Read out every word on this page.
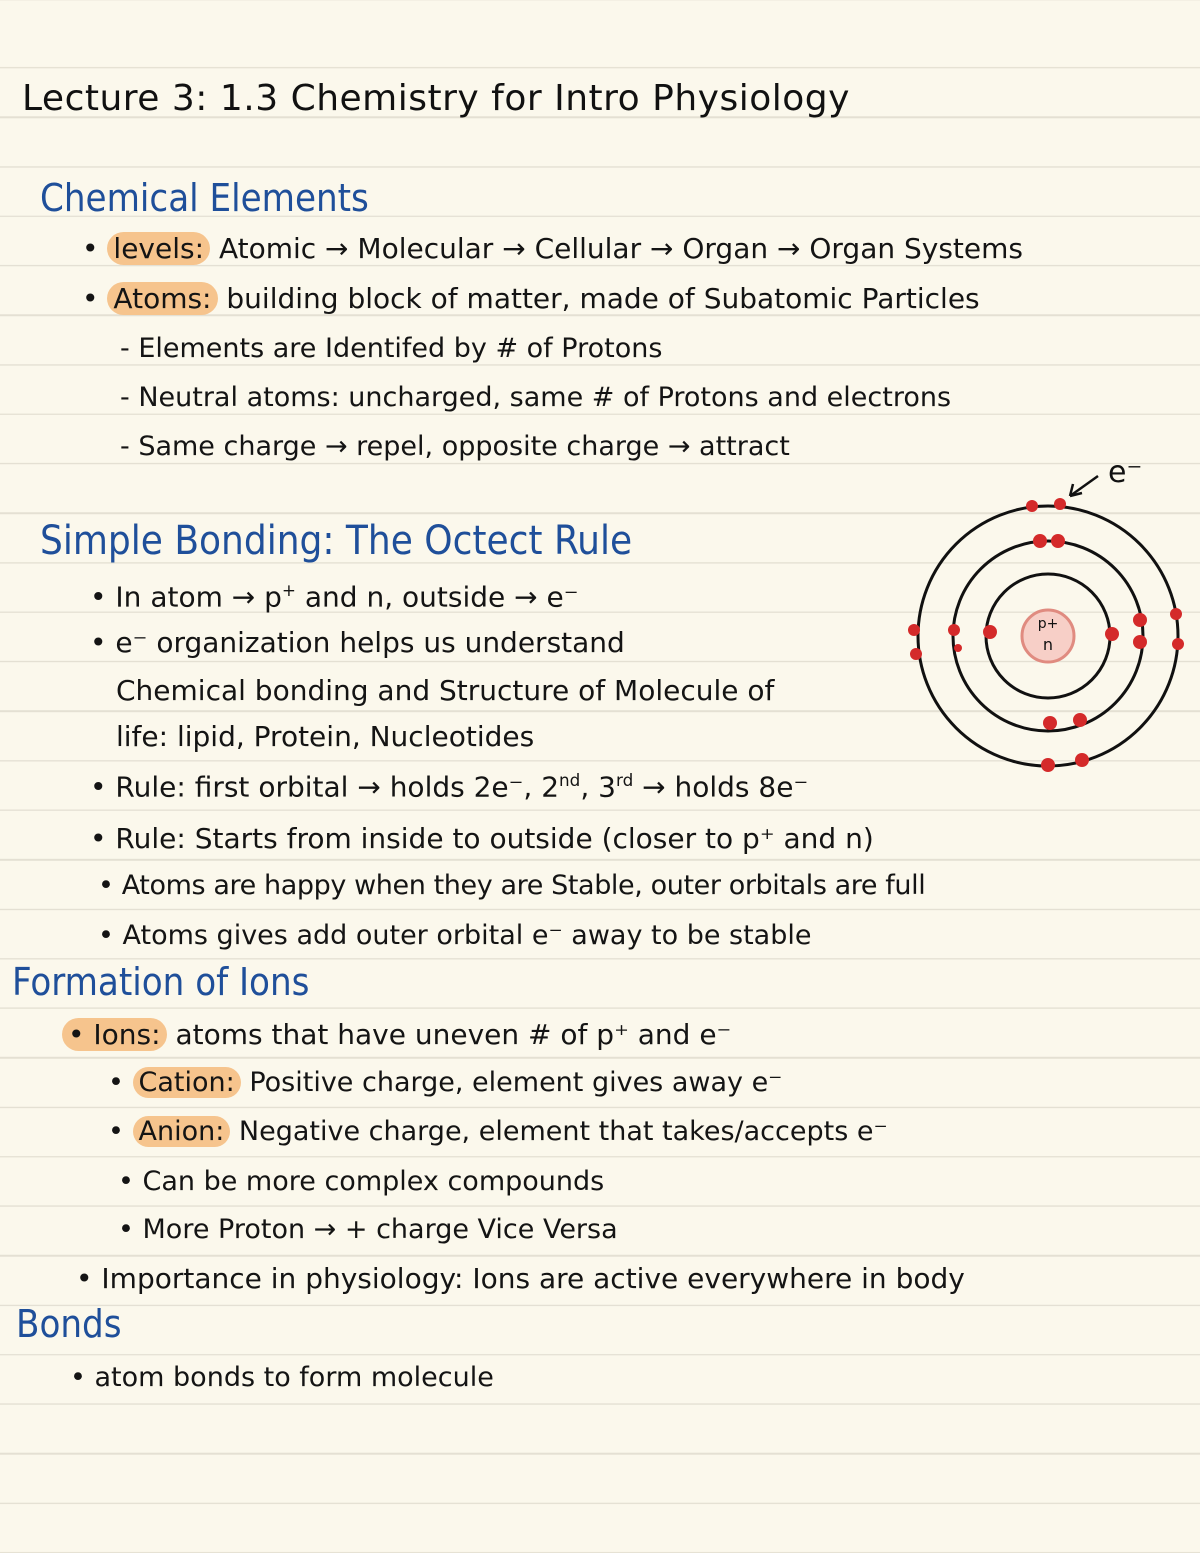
Lecture 3: 1.3 Chemistry for Intro Physiology
Chemical Elements
• levels: Atomic → Molecular → Cellular → Organ → Organ Systems
• Atoms: building block of matter, made of Subatomic Particles
- Elements are Identifed by # of Protons
- Neutral atoms: uncharged, same # of Protons and electrons
- Same charge → repel, opposite charge → attract
Simple Bonding: The Octect Rule
• In atom → p+ and n, outside → e⁻
• e⁻ organization helps us understand
Chemical bonding and Structure of Molecule of
life: lipid, Protein, Nucleotides
• Rule: first orbital → holds 2e⁻, 2nd, 3rd → holds 8e⁻
• Rule: Starts from inside to outside (closer to p⁺ and n)
• Atoms are happy when they are Stable, outer orbitals are full
• Atoms gives add outer orbital e⁻ away to be stable
p+
n
e⁻
Formation of Ions
• Ions: atoms that have uneven # of p⁺ and e⁻
• Cation: Positive charge, element gives away e⁻
• Anion: Negative charge, element that takes/accepts e⁻
• Can be more complex compounds
• More Proton → + charge Vice Versa
• Importance in physiology: Ions are active everywhere in body
Bonds
• atom bonds to form molecule
